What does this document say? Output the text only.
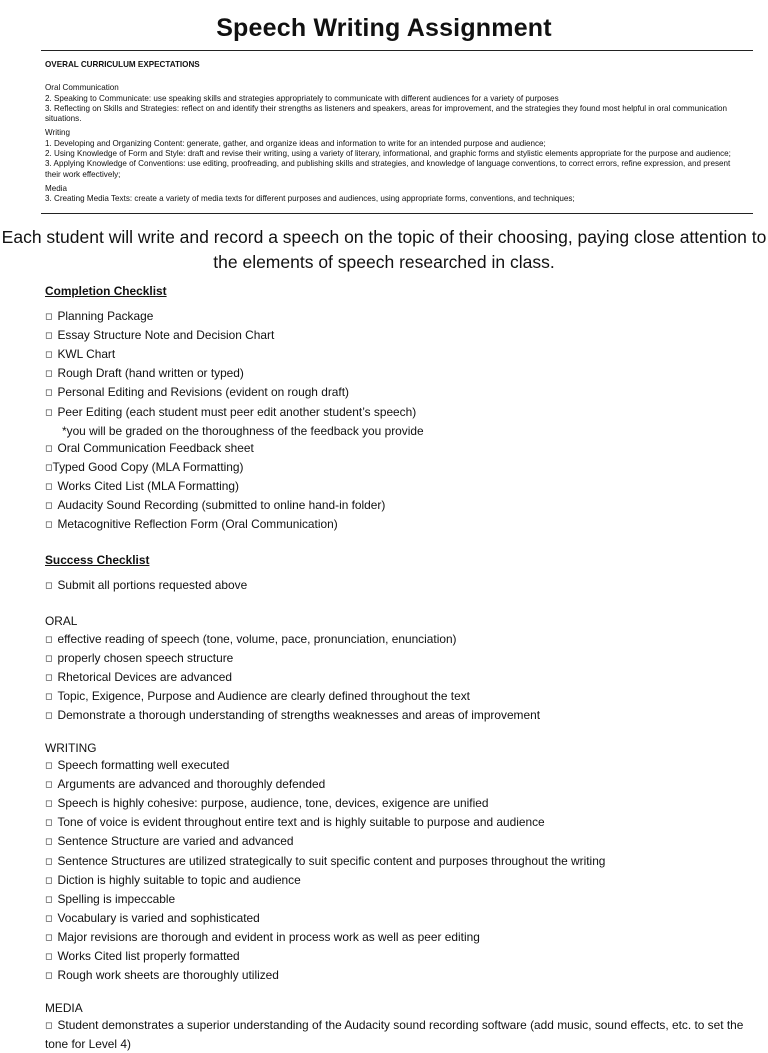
Speech Writing Assignment
OVERAL CURRICULUM EXPECTATIONS
Oral Communication
2. Speaking to Communicate: use speaking skills and strategies appropriately to communicate with different audiences for a variety of purposes
3. Reflecting on Skills and Strategies: reflect on and identify their strengths as listeners and speakers, areas for improvement, and the strategies they found most helpful in oral communication situations.
Writing
1. Developing and Organizing Content: generate, gather, and organize ideas and information to write for an intended purpose and audience;
2. Using Knowledge of Form and Style: draft and revise their writing, using a variety of literary, informational, and graphic forms and stylistic elements appropriate for the purpose and audience;
3. Applying Knowledge of Conventions: use editing, proofreading, and publishing skills and strategies, and knowledge of language conventions, to correct errors, refine expression, and present their work effectively;
Media
3. Creating Media Texts: create a variety of media texts for different purposes and audiences, using appropriate forms, conventions, and techniques;
Each student will write and record a speech on the topic of their choosing, paying close attention to the elements of speech researched in class.
Completion Checklist
◻ Planning Package
◻ Essay Structure Note and Decision Chart
◻ KWL Chart
◻ Rough Draft (hand written or typed)
◻ Personal Editing and Revisions (evident on rough draft)
◻ Peer Editing (each student must peer edit another student’s speech)
*you will be graded on the thoroughness of the feedback you provide
◻ Oral Communication Feedback sheet
◻Typed Good Copy (MLA Formatting)
◻ Works Cited List (MLA Formatting)
◻ Audacity Sound Recording (submitted to online hand-in folder)
◻ Metacognitive Reflection Form (Oral Communication)
Success Checklist
◻ Submit all portions requested above
ORAL
◻ effective reading of speech (tone, volume, pace, pronunciation, enunciation)
◻ properly chosen speech structure
◻ Rhetorical Devices are advanced
◻ Topic, Exigence, Purpose and Audience are clearly defined throughout the text
◻ Demonstrate a thorough understanding of strengths weaknesses and areas of improvement
WRITING
◻ Speech formatting well executed
◻ Arguments are advanced and thoroughly defended
◻ Speech is highly cohesive: purpose, audience, tone, devices, exigence are unified
◻ Tone of voice is evident throughout entire text and is highly suitable to purpose and audience
◻ Sentence Structure are varied and advanced
◻ Sentence Structures are utilized strategically to suit specific content and purposes throughout the writing
◻ Diction is highly suitable to topic and audience
◻ Spelling is impeccable
◻ Vocabulary is varied and sophisticated
◻ Major revisions are thorough and evident in process work as well as peer editing
◻ Works Cited list properly formatted
◻ Rough work sheets are thoroughly utilized
MEDIA
◻ Student demonstrates a superior understanding of the Audacity sound recording software (add music, sound effects, etc. to set the tone for Level 4)
